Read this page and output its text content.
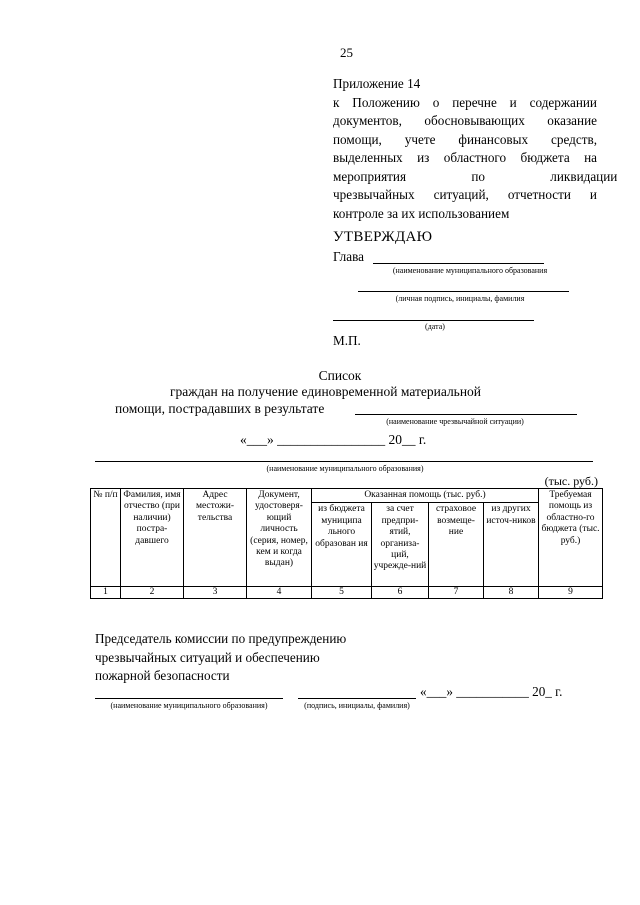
25
Приложение 14
к Положению о перечне и содержании
документов, обосновывающих оказание
помощи, учете финансовых средств,
выделенных из областного бюджета на
мероприятия по ликвидации
чрезвычайных ситуаций, отчетности и
контроле за их использованием
УТВЕРЖДАЮ
Глава
(наименование муниципального образования
(личная подпись, инициалы, фамилия
(дата)
М.П.
Список
граждан на получение единовременной материальной
помощи, пострадавших в результате
(наименование чрезвычайной ситуации)
«___» ________________ 20__ г.
(наименование муниципального образования)
(тыс. руб.)
№ п/п	Фамилия, имя отчество (при наличии) постра-давшего	Адрес местожи-тельства	Документ, удостоверя-ющий личность (серия, номер, кем и когда выдан)	Оказанная помощь (тыс. руб.)				Требуемая помощь из областно-го бюджета (тыс. руб.)
				из бюджета муниципа льного образован ия	за счет предпри-ятий, организа-ций, учрежде-ний	страховое возмеще-ние	из других источ-ников	
1	2	3	4	5	6	7	8	9
Председатель комиссии по предупреждению
чрезвычайных ситуаций и обеспечению
пожарной безопасности
«___» ___________ 20_ г.
(наименование муниципального образования)	(подпись, инициалы, фамилия)
